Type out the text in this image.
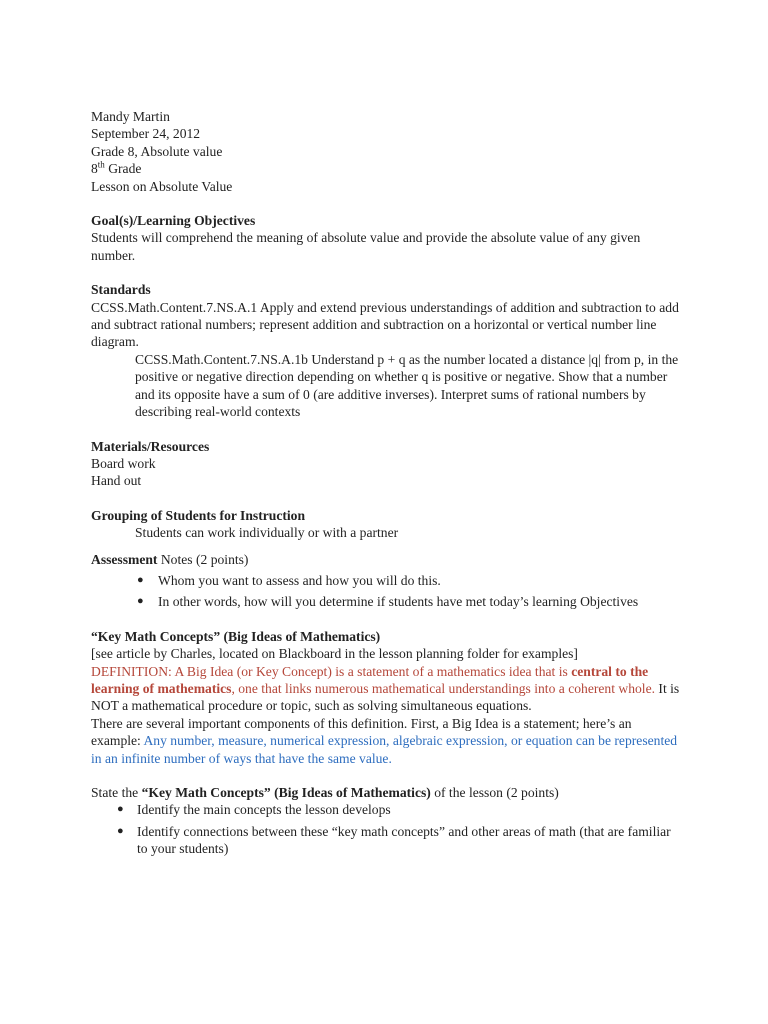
Mandy Martin
September 24, 2012
Grade 8, Absolute value
8th Grade
Lesson on Absolute Value
Goal(s)/Learning Objectives
Students will comprehend the meaning of absolute value and provide the absolute value of any given number.
Standards
CCSS.Math.Content.7.NS.A.1 Apply and extend previous understandings of addition and subtraction to add and subtract rational numbers; represent addition and subtraction on a horizontal or vertical number line diagram.
CCSS.Math.Content.7.NS.A.1b Understand p + q as the number located a distance |q| from p, in the positive or negative direction depending on whether q is positive or negative. Show that a number and its opposite have a sum of 0 (are additive inverses). Interpret sums of rational numbers by describing real-world contexts
Materials/Resources
Board work
Hand out
Grouping of Students for Instruction
Students can work individually or with a partner
Assessment Notes (2 points)
● Whom you want to assess and how you will do this.
● In other words, how will you determine if students have met today’s learning Objectives
“Key Math Concepts” (Big Ideas of Mathematics)
[see article by Charles, located on Blackboard in the lesson planning folder for examples]
DEFINITION: A Big Idea (or Key Concept) is a statement of a mathematics idea that is central to the learning of mathematics, one that links numerous mathematical understandings into a coherent whole. It is NOT a mathematical procedure or topic, such as solving simultaneous equations.
There are several important components of this definition. First, a Big Idea is a statement; here’s an example: Any number, measure, numerical expression, algebraic expression, or equation can be represented in an infinite number of ways that have the same value.
State the “Key Math Concepts” (Big Ideas of Mathematics) of the lesson (2 points)
● Identify the main concepts the lesson develops
● Identify connections between these “key math concepts” and other areas of math (that are familiar to your students)
